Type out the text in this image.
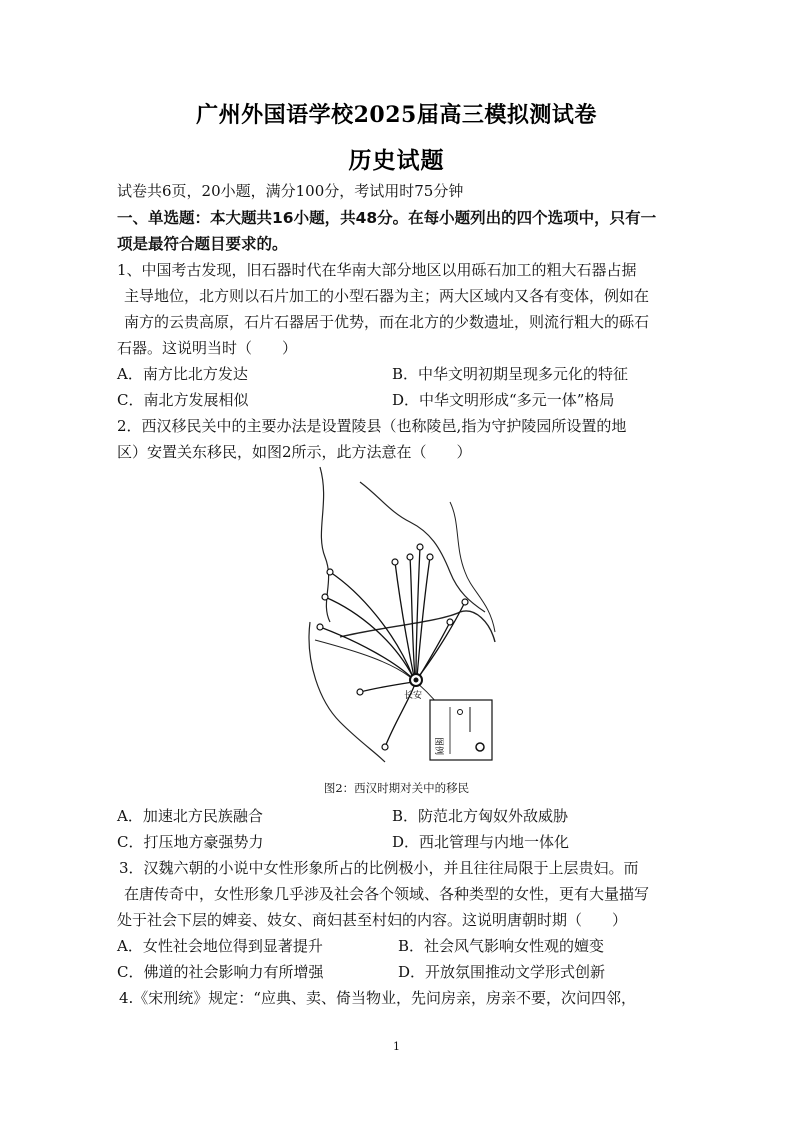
广州外国语学校2025届高三模拟测试卷
历史试题
试卷共6页，20小题，满分100分，考试用时75分钟
一、单选题：本大题共16小题，共48分。在每小题列出的四个选项中，只有一
项是最符合题目要求的。
1、中国考古发现，旧石器时代在华南大部分地区以用砾石加工的粗大石器占据
主导地位，北方则以石片加工的小型石器为主；两大区域内又各有变体，例如在
南方的云贵高原，石片石器居于优势，而在北方的少数遗址，则流行粗大的砾石
石器。这说明当时（　　）
A．南方比北方发达	B．中华文明初期呈现多元化的特征
C．南北方发展相似	D．中华文明形成“多元一体”格局
2．西汉移民关中的主要办法是设置陵县（也称陵邑,指为守护陵园所设置的地
区）安置关东移民，如图2所示，此方法意在（　　）
长安
图例
图2：西汉时期对关中的移民
A．加速北方民族融合	B．防范北方匈奴外敌威胁
C．打压地方豪强势力	D．西北管理与内地一体化
3．汉魏六朝的小说中女性形象所占的比例极小，并且往往局限于上层贵妇。而
在唐传奇中，女性形象几乎涉及社会各个领域、各种类型的女性，更有大量描写
处于社会下层的婢妾、妓女、商妇甚至村妇的内容。这说明唐朝时期（　　）
A．女性社会地位得到显著提升	B．社会风气影响女性观的嬗变
C．佛道的社会影响力有所增强	D．开放氛围推动文学形式创新
4.《宋刑统》规定：“应典、卖、倚当物业，先问房亲，房亲不要，次问四邻，
1
